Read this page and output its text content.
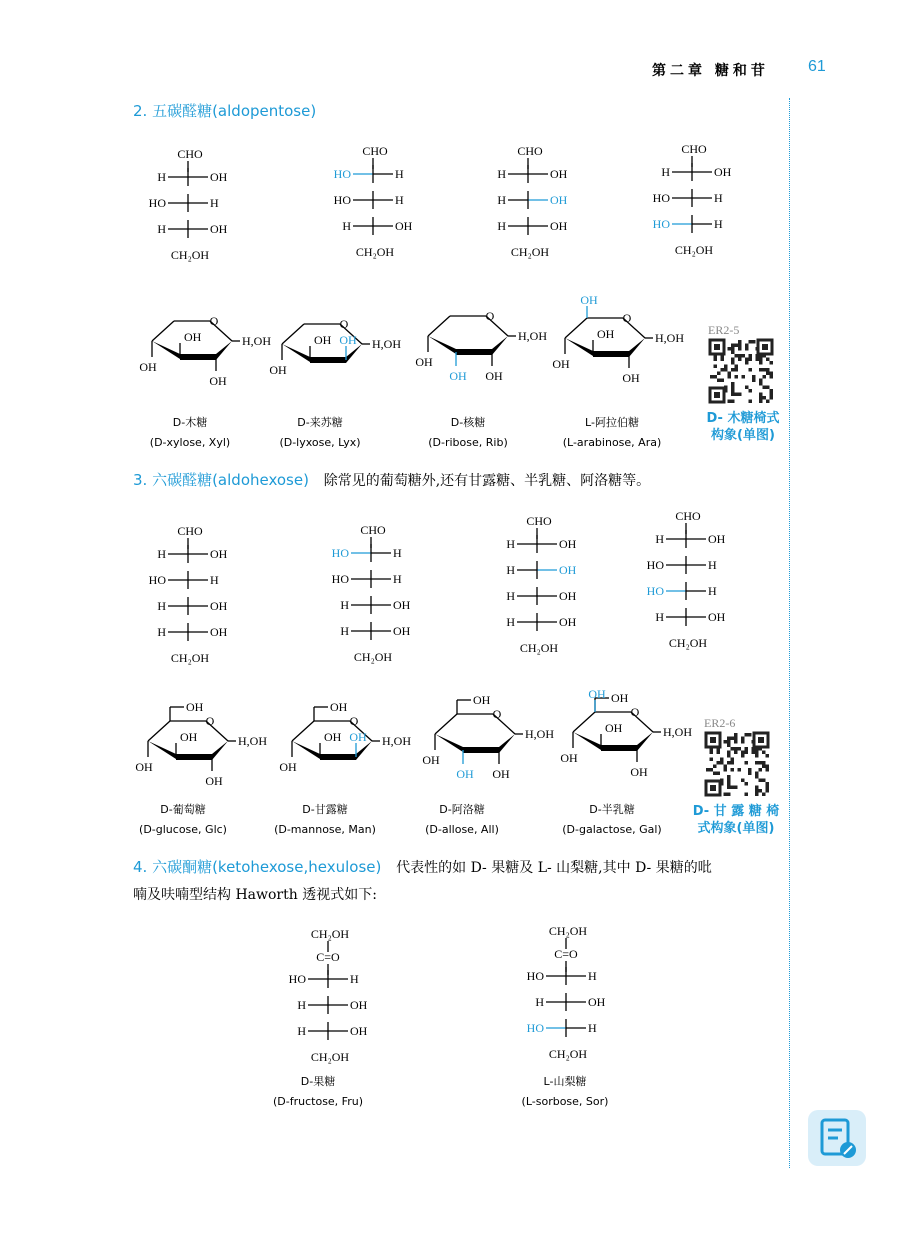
第二章 糖和苷 61
2. 五碳醛糖(aldopentose)
3. 六碳醛糖(aldohexose) 除常见的葡萄糖外,还有甘露糖、半乳糖、阿洛糖等。
4. 六碳酮糖(ketohexose,hexulose) 代表性的如 D- 果糖及 L- 山梨糖,其中 D- 果糖的吡
喃及呋喃型结构 Haworth 透视式如下:
CHO
H	OH
HO	H
H	OH
CH₂OH
CHO
HO	H
HO	H
H	OH
CH₂OH
CHO
H	OH
H	OH
H	OH
CH₂OH
CHO
H	OH
HO	H
HO	H
CH₂OH
O
H,OH
OH
OH
OH
O
H,OH
OH
OH OH
O
H,OH
OH
OH
OH
O
H,OH
OH
OH
OH
OH
D-木糖
(D-xylose, Xyl)
D-来苏糖
(D-lyxose, Lyx)
D-核糖
(D-ribose, Rib)
L-阿拉伯糖
(L-arabinose, Ara)
CHO
H	OH
HO	H
H	OH
H	OH
CH₂OH
CHO
HO	H
HO	H
H	OH
H	OH
CH₂OH
CHO
H	OH
H	OH
H	OH
H	OH
CH₂OH
CHO
H	OH
HO	H
HO	H
H	OH
CH₂OH
O
H,OH
OH
OH
OH
OH
O
H,OH
OH
OH
OH OH
O
H,OH
OH
OH
OH
OH
O
H,OH
OH
OH
OH
OH
OH
D-葡萄糖
(D-glucose, Glc)
D-甘露糖
(D-mannose, Man)
D-阿洛糖
(D-allose, All)
D-半乳糖
(D-galactose, Gal)
CH₂OH
C=O
HO	H
H	OH
H	OH
CH₂OH
CH₂OH
C=O
HO	H
H	OH
HO	H
CH₂OH
D-果糖
(D-fructose, Fru)
L-山梨糖
(L-sorbose, Sor)
ER2-5
ER2-6
D- 木糖椅式
构象(单图)
D- 甘 露 糖 椅
式构象(单图)
